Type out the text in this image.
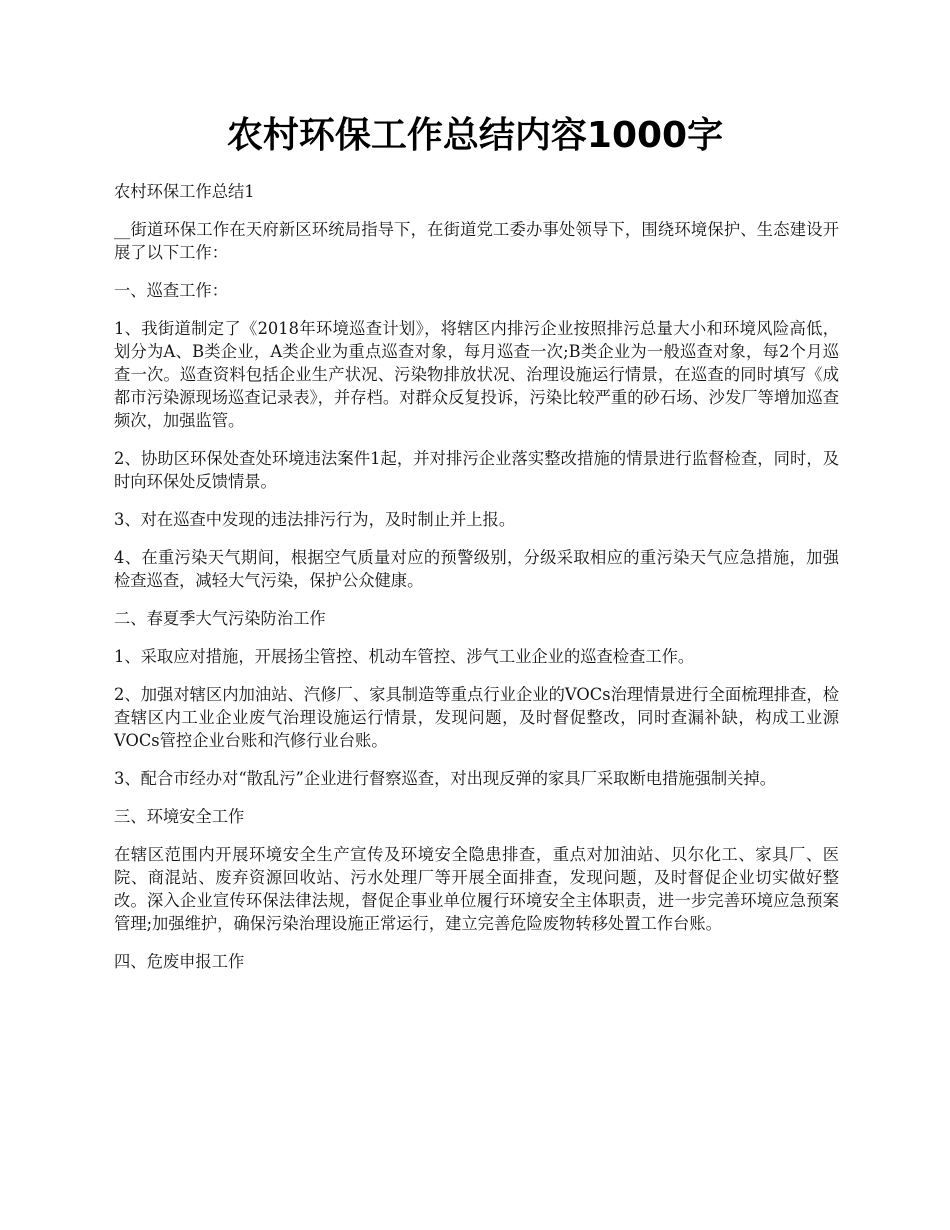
农村环保工作总结内容1000字

农村环保工作总结1

__街道环保工作在天府新区环统局指导下，在街道党工委办事处领导下，围绕环境保护、生态建设开展了以下工作：

一、巡查工作：

1、我街道制定了《2018年环境巡查计划》，将辖区内排污企业按照排污总量大小和环境风险高低，划分为A、B类企业，A类企业为重点巡查对象，每月巡查一次;B类企业为一般巡查对象，每2个月巡查一次。巡查资料包括企业生产状况、污染物排放状况、治理设施运行情景，在巡查的同时填写《成都市污染源现场巡查记录表》，并存档。对群众反复投诉，污染比较严重的砂石场、沙发厂等增加巡查频次，加强监管。

2、协助区环保处查处环境违法案件1起，并对排污企业落实整改措施的情景进行监督检查，同时，及时向环保处反馈情景。

3、对在巡查中发现的违法排污行为，及时制止并上报。

4、在重污染天气期间，根据空气质量对应的预警级别，分级采取相应的重污染天气应急措施，加强检查巡查，减轻大气污染，保护公众健康。

二、春夏季大气污染防治工作

1、采取应对措施，开展扬尘管控、机动车管控、涉气工业企业的巡查检查工作。

2、加强对辖区内加油站、汽修厂、家具制造等重点行业企业的VOCs治理情景进行全面梳理排查，检查辖区内工业企业废气治理设施运行情景，发现问题，及时督促整改，同时查漏补缺，构成工业源VOCs管控企业台账和汽修行业台账。

3、配合市经办对“散乱污”企业进行督察巡查，对出现反弹的家具厂采取断电措施强制关掉。

三、环境安全工作

在辖区范围内开展环境安全生产宣传及环境安全隐患排查，重点对加油站、贝尔化工、家具厂、医院、商混站、废弃资源回收站、污水处理厂等开展全面排查，发现问题，及时督促企业切实做好整改。深入企业宣传环保法律法规，督促企事业单位履行环境安全主体职责，进一步完善环境应急预案管理;加强维护，确保污染治理设施正常运行，建立完善危险废物转移处置工作台账。

四、危废申报工作
